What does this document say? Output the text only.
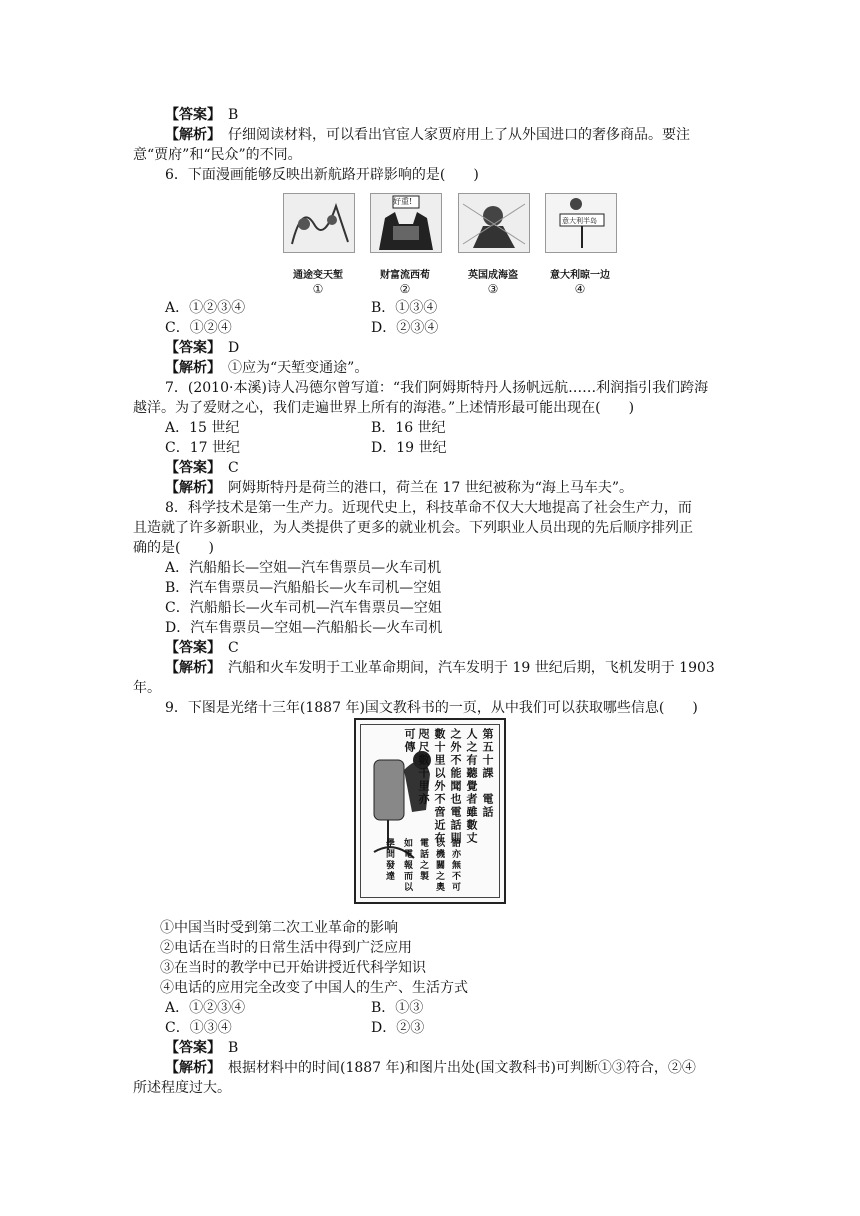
【答案】　 B
【解析】　 仔细阅读材料，可以看出官宦人家贾府用上了从外国进口的奢侈商品。要注
意“贾府”和“民众”的不同。
6．下面漫画能够反映出新航路开辟影响的是(　　)
好重!
意大利半岛
通途变天堑	财富流西荀	英国成海盗	意大利晾一边
①	②	③	④
A．①②③④	B．①③④
C．①②④	D．②③④
【答案】　 D
【解析】　 ①应为“天堑变通途”。
7．(2010·本溪)诗人冯德尔曾写道：“我们阿姆斯特丹人扬帆远航……利润指引我们跨海
越洋。为了爱财之心，我们走遍世界上所有的海港。”上述情形最可能出现在(　　)
A．15 世纪	B．16 世纪
C．17 世纪	D．19 世纪
【答案】　 C
【解析】　 阿姆斯特丹是荷兰的港口，荷兰在 17 世纪被称为“海上马车夫”。
8．科学技术是第一生产力。近现代史上，科技革命不仅大大地提高了社会生产力，而
且造就了许多新职业，为人类提供了更多的就业机会。下列职业人员出现的先后顺序排列正
确的是(　　)
A．汽船船长—空姐—汽车售票员—火车司机
B．汽车售票员—汽船船长—火车司机—空姐
C．汽船船长—火车司机—汽车售票员—空姐
D．汽车售票员—空姐—汽船船长—火车司机
【答案】　 C
【解析】　 汽船和火车发明于工业革命期间，汽车发明于 19 世纪后期，飞机发明于 1903
年。
9．下图是光绪十三年(1887 年)国文教科书的一页，从中我们可以获取哪些信息(　　)
第五十課　電話
人之有聽覺者雖數丈
之外不能聞也電話則
數十里以外不啻近在
咫尺數千里亦可傳
語亦無不可
以機關之奧
電話之製
如電報而以
學問發達
①中国当时受到第二次工业革命的影响
②电话在当时的日常生活中得到广泛应用
③在当时的教学中已开始讲授近代科学知识
④电话的应用完全改变了中国人的生产、生活方式
A．①②③④	B．①③
C．①③④	D．②③
【答案】　 B
【解析】　 根据材料中的时间(1887 年)和图片出处(国文教科书)可判断①③符合，②④
所述程度过大。
